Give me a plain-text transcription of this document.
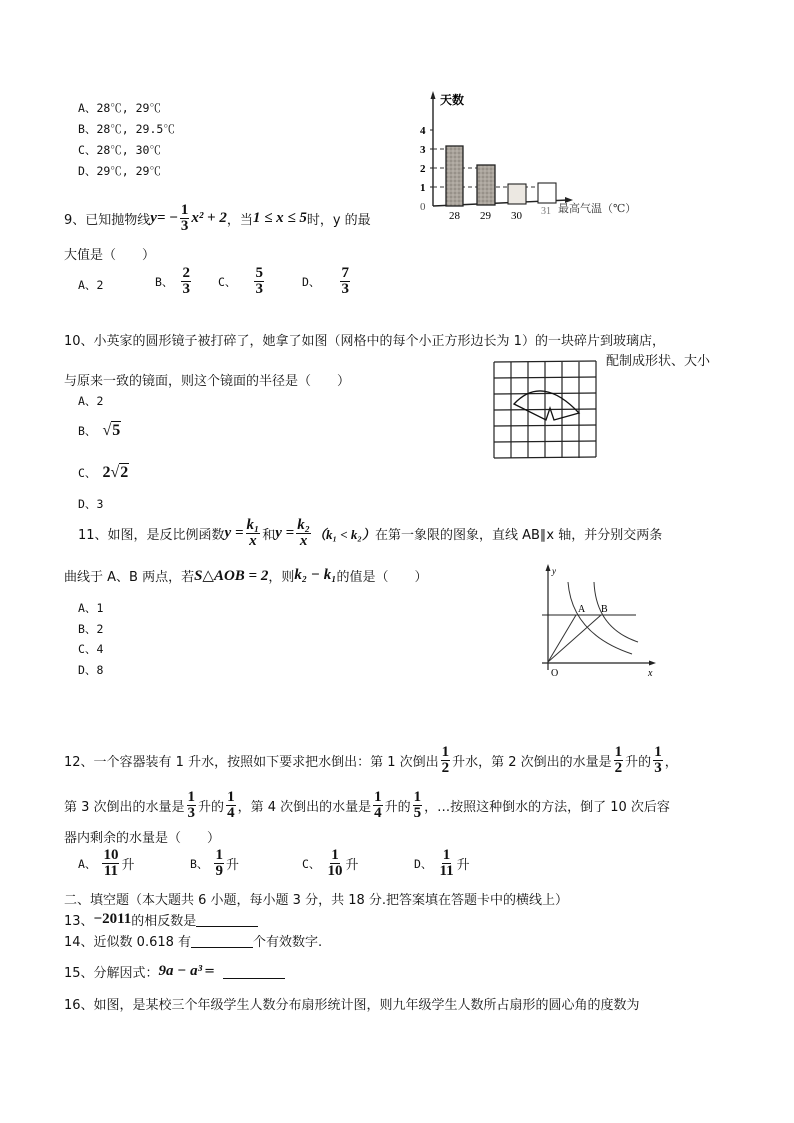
A、28℃, 29℃
B、28℃, 29.5℃
C、28℃, 30℃
D、29℃, 29℃
4
3
2
1
0
天数
28 29 30 31 最高气温（℃）
9、已知抛物线 y = − $\frac{1}{3} x^2 + 2$ ，当 1 ≤ x ≤ 5 时，y 的最
大值是（　　）
A、2	B、 $\frac{2}{3}$ C、 $\frac{5}{3}$	D、 $\frac{7}{3}$
10、小英家的圆形镜子被打碎了，她拿了如图（网格中的每个小正方形边长为 1）的一块碎片到玻璃店，
配制成形状、大小
与原来一致的镜面，则这个镜面的半径是（　　）
A、2
B、 √5
C、 2√2
D、3
11、如图，是反比例函数 $y = \frac{\text{k₁}}{x}$ 和 $y = \frac{\text{k₂}}{x} (k_1 < k_2)$ 在第一象限的图象，直线 AB∥x 轴，并分别交两条
曲线于 A、B 两点，若 S△AOB = 2 ，则 k₂ − k₁ 的值是（　　）
A、1
B、2
C、4
D、8
y
x
O
A B
12、一个容器装有 1 升水，按照如下要求把水倒出：第 1 次倒出 $\frac{1}{2}$ 升水，第 2 次倒出的水量是 $\frac{1}{2}$ 升的 $\frac{1}{3}$ ，
第 3 次倒出的水量是 $\frac{1}{3}$ 升的 $\frac{1}{4}$ ，第 4 次倒出的水量是 $\frac{1}{4}$ 升的 $\frac{1}{5}$ ，…按照这种倒水的方法，倒了 10 次后容
器内剩余的水量是（　　）
A、 $\frac{10}{11}$ 升	B、 $\frac{1}{9}$ 升	C、 $\frac{1}{10}$ 升	D、 $\frac{1}{11}$ 升
二、填空题（本大题共 6 小题，每小题 3 分，共 18 分.把答案填在答题卡中的横线上）
13、 −2011 的相反数是
14、近似数 0.618 有	个有效数字.
15、分解因式： 9a − a³ =
16、如图，是某校三个年级学生人数分布扇形统计图，则九年级学生人数所占扇形的圆心角的度数为
